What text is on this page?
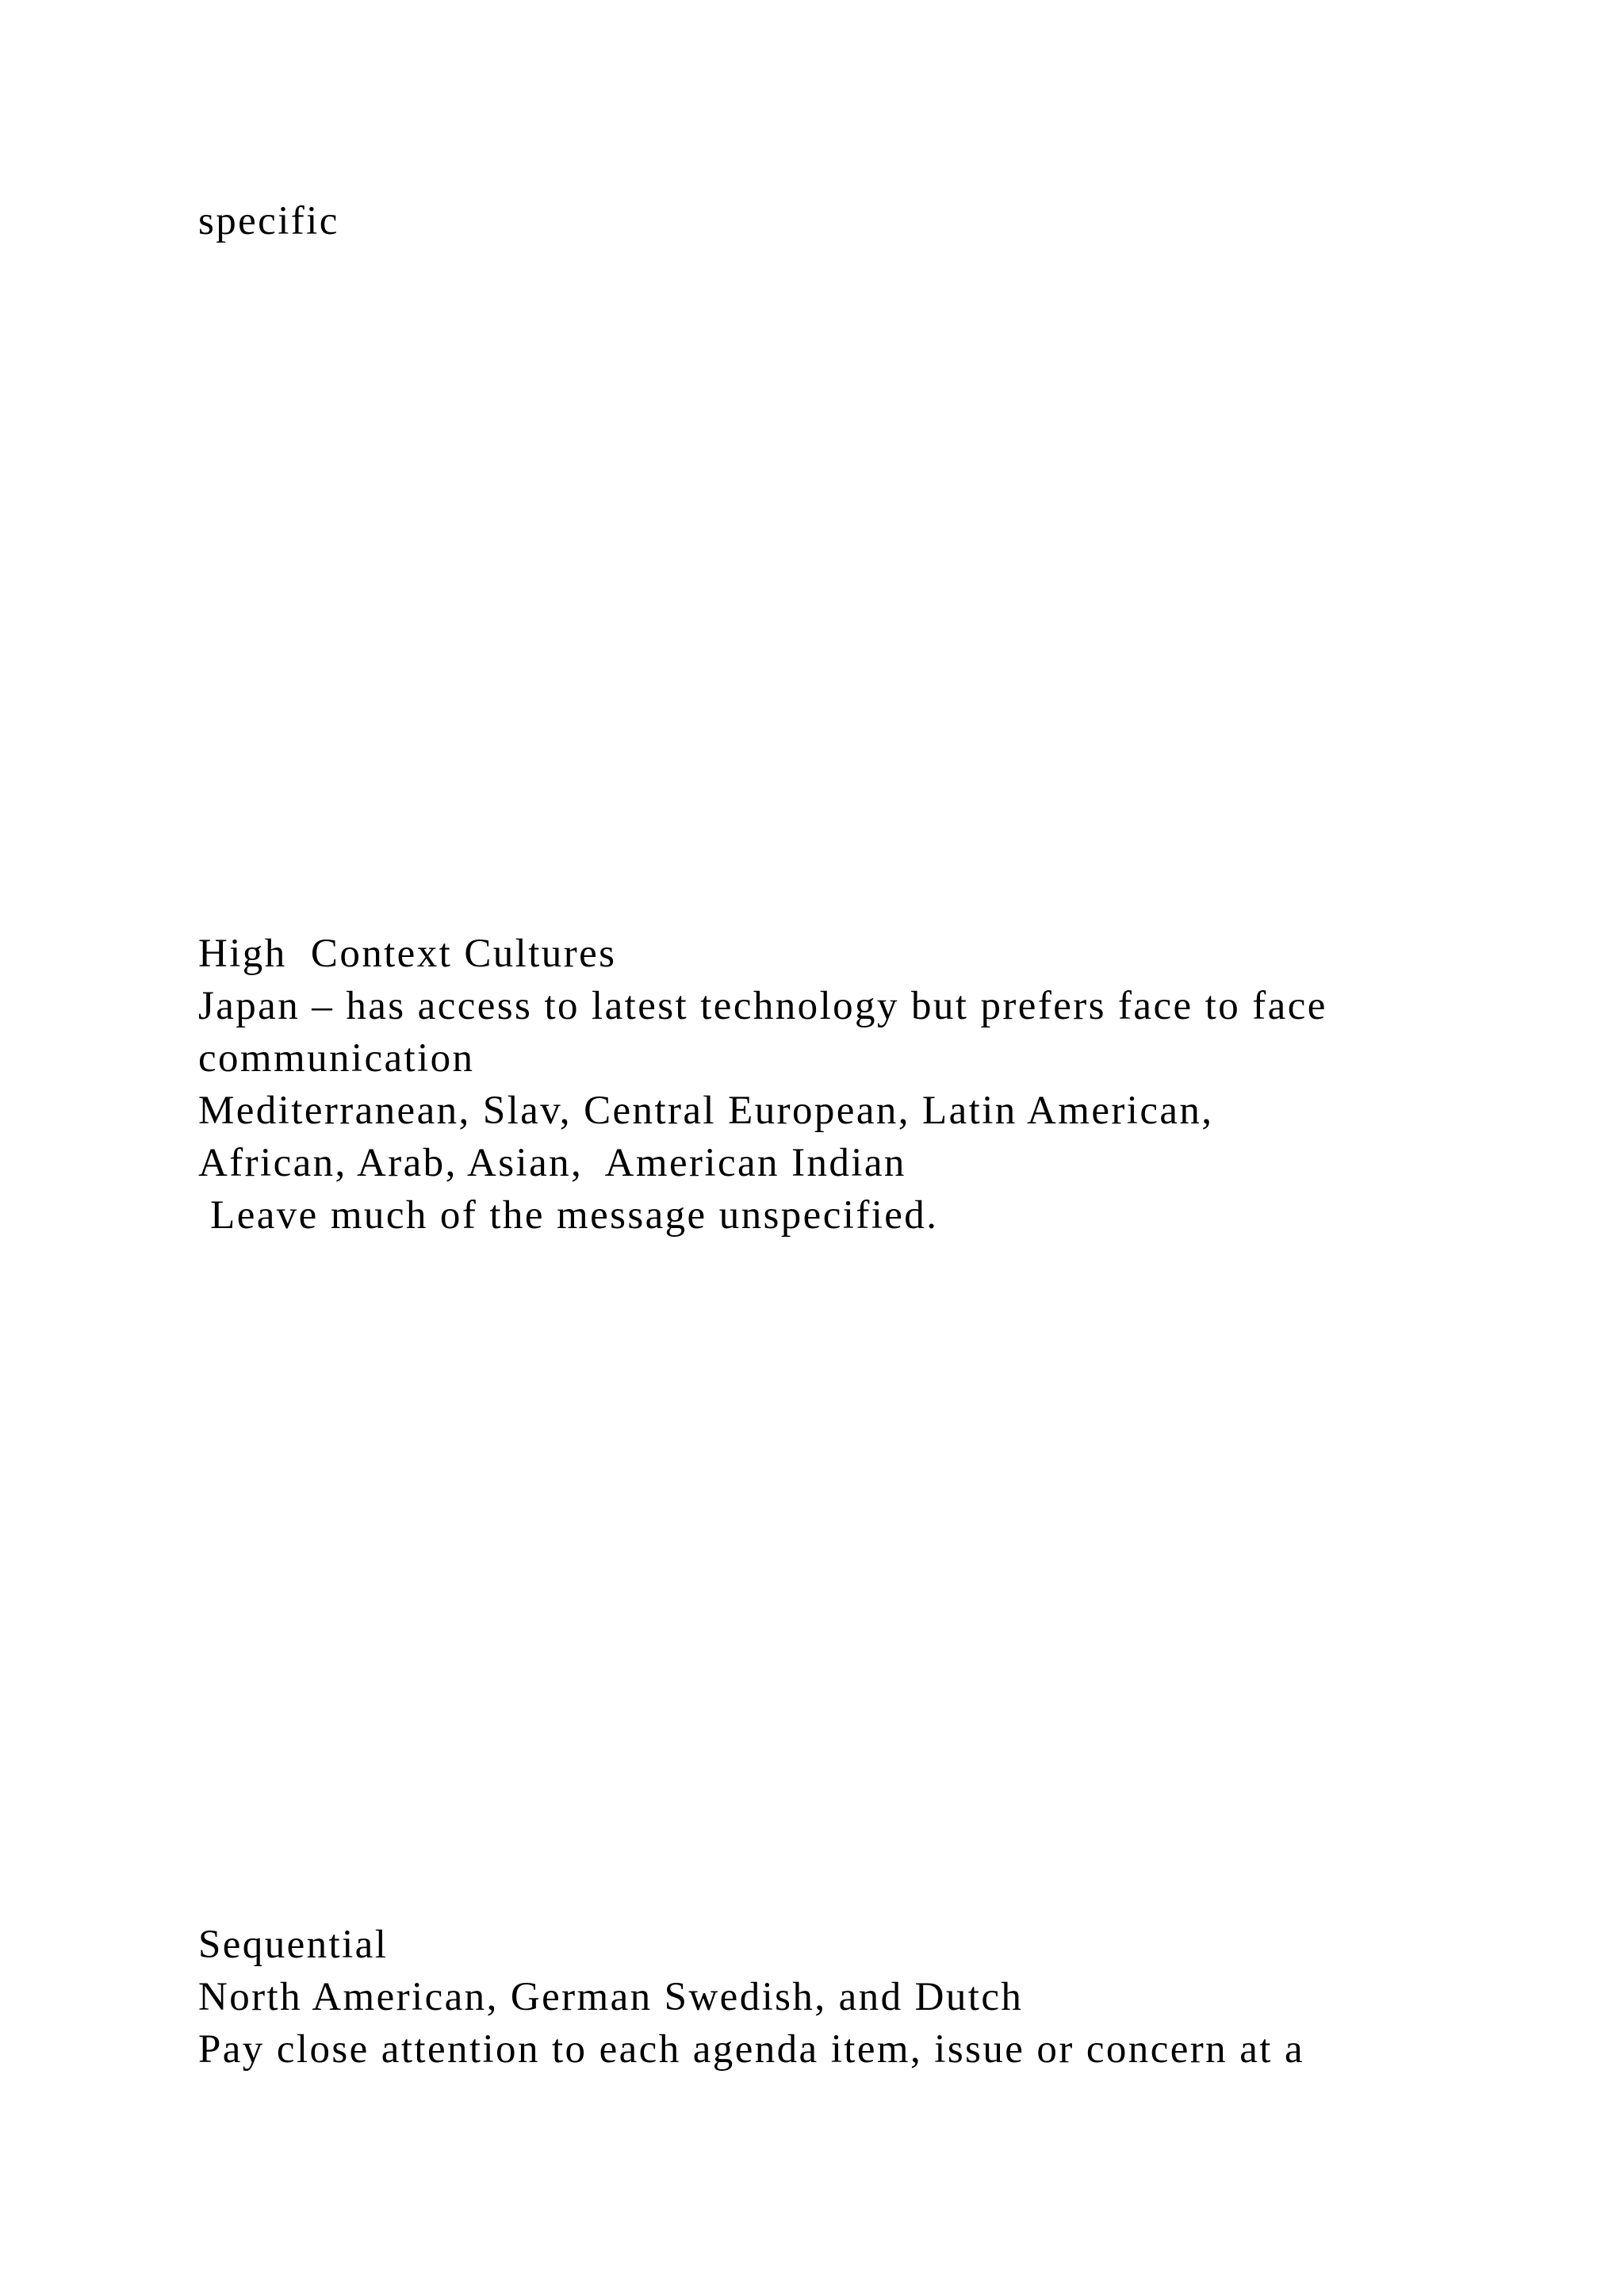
specific
High  Context Cultures
Japan – has access to latest technology but prefers face to face
communication
Mediterranean, Slav, Central European, Latin American,
African, Arab, Asian,  American Indian
Leave much of the message unspecified.
Sequential
North American, German Swedish, and Dutch
Pay close attention to each agenda item, issue or concern at a
